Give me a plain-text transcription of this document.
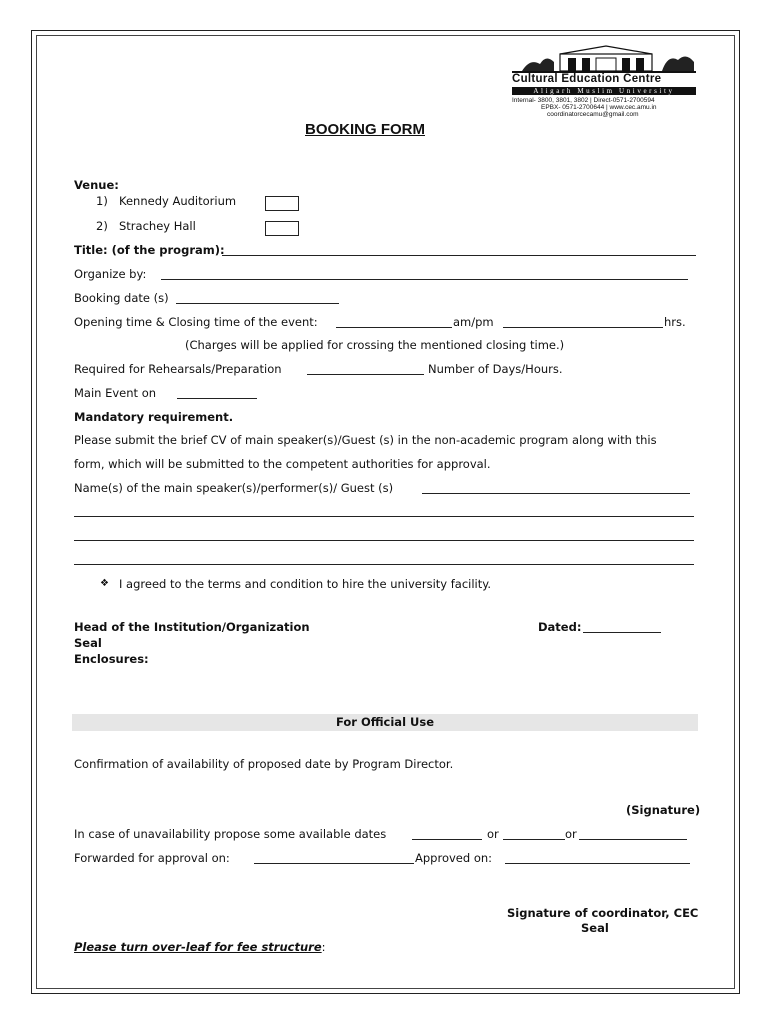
Cultural Education Centre
Aligarh Muslim University
Internal- 3800, 3801, 3802 | Direct-0571-2700594
EPBX- 0571-2700644 | www.cec.amu.in
coordinatorcecamu@gmail.com
BOOKING FORM
Venue:
1) Kennedy Auditorium
2) Strachey Hall
Title: (of the program):
Organize by:
Booking date (s)
Opening time & Closing time of the event:	am/pm	hrs.
(Charges will be applied for crossing the mentioned closing time.)
Required for Rehearsals/Preparation	Number of Days/Hours.
Main Event on
Mandatory requirement.
Please submit the brief CV of main speaker(s)/Guest (s) in the non-academic program along with this
form, which will be submitted to the competent authorities for approval.
Name(s) of the main speaker(s)/performer(s)/ Guest (s)
❖ I agreed to the terms and condition to hire the university facility.
Head of the Institution/Organization	Dated:
Seal
Enclosures:
For Official Use
Confirmation of availability of proposed date by Program Director.
(Signature)
In case of unavailability propose some available dates	or	or
Forwarded for approval on:	Approved on:
Signature of coordinator, CEC
Seal
Please turn over-leaf for fee structure:
